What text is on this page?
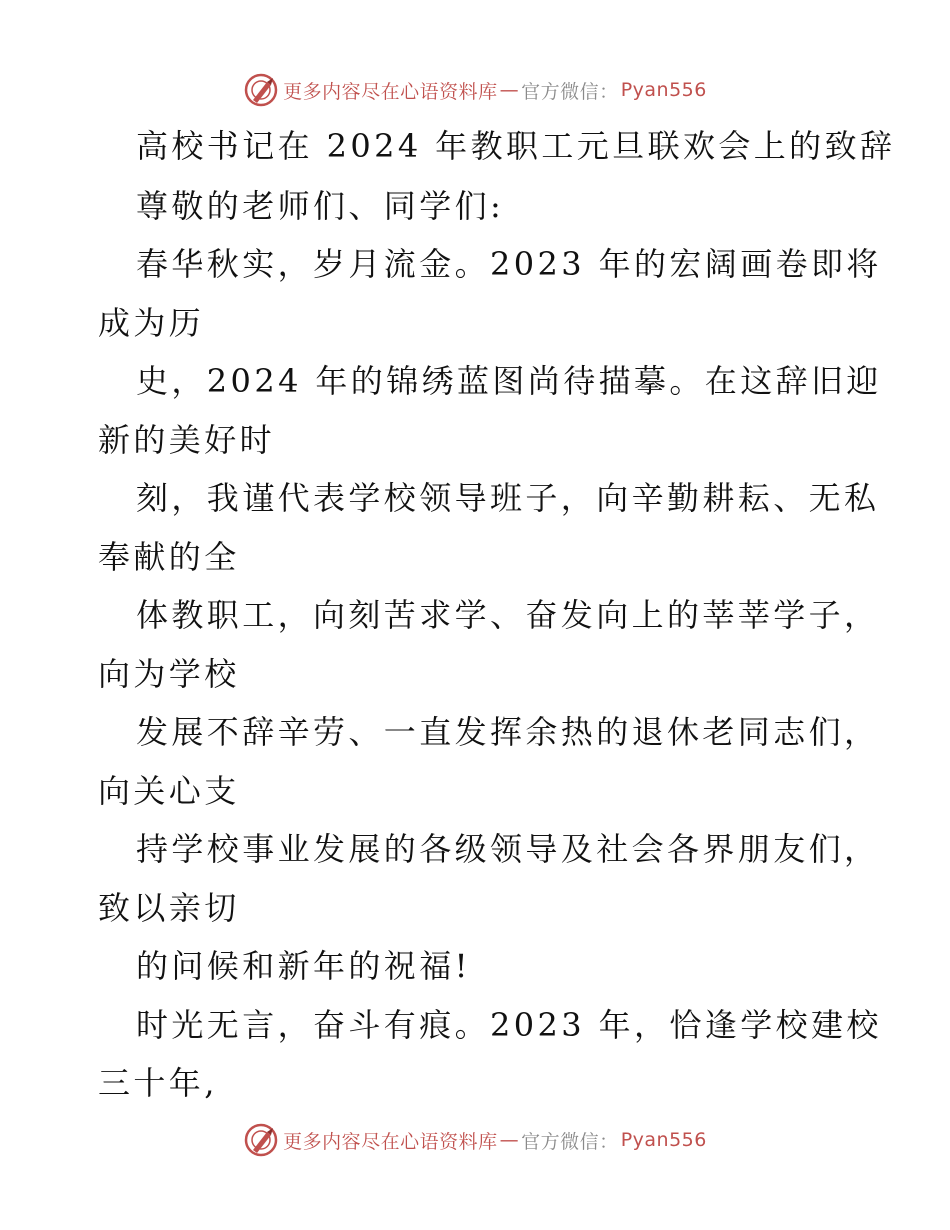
更多内容尽在心语资料库 — 官方微信： Pyan556
高校书记在 2024 年教职工元旦联欢会上的致辞
尊敬的老师们、同学们:
春华秋实，岁月流金。2023 年的宏阔画卷即将
成为历
史，2024 年的锦绣蓝图尚待描摹。在这辞旧迎
新的美好时
刻，我谨代表学校领导班子，向辛勤耕耘、无私
奉献的全
体教职工，向刻苦求学、奋发向上的莘莘学子，
向为学校
发展不辞辛劳、一直发挥余热的退休老同志们，
向关心支
持学校事业发展的各级领导及社会各界朋友们，
致以亲切
的问候和新年的祝福!
时光无言，奋斗有痕。2023 年，恰逢学校建校
三十年,
更多内容尽在心语资料库 — 官方微信： Pyan556
